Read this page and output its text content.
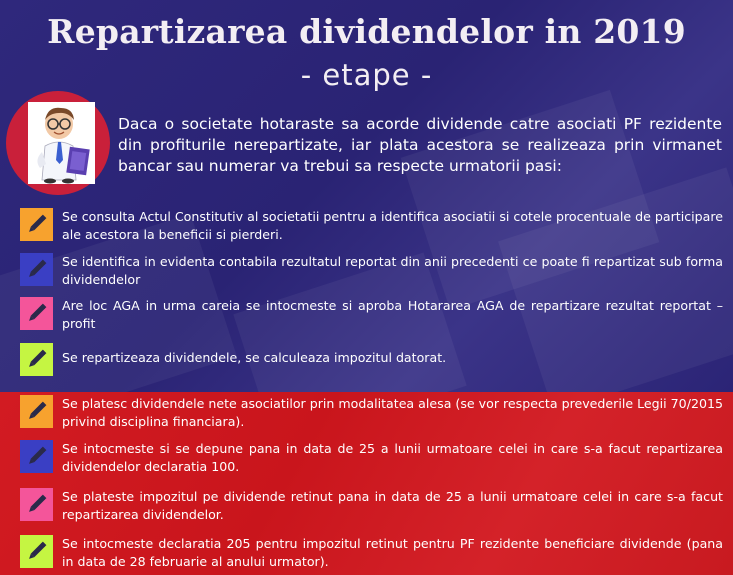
Repartizarea dividendelor in 2019
- etape -

Daca o societate hotaraste sa acorde dividende catre asociati PF rezidente din profiturile nerepartizate, iar plata acestora se realizeaza prin virmanet bancar sau numerar va trebui sa respecte urmatorii pasi:

Se consulta Actul Constitutiv al societatii pentru a identifica asociatii si cotele procentuale de participare ale acestora la beneficii si pierderi.

Se identifica in evidenta contabila rezultatul reportat din anii precedenti ce poate fi repartizat sub forma dividendelor

Are loc AGA in urma careia se intocmeste si aproba Hotararea AGA de repartizare rezultat reportat – profit

Se repartizeaza dividendele, se calculeaza impozitul datorat.

Se platesc dividendele nete asociatilor prin modalitatea alesa (se vor respecta prevederile Legii 70/2015 privind disciplina financiara).

Se intocmeste si se depune pana in data de 25 a lunii urmatoare celei in care s-a facut repartizarea dividendelor declaratia 100.

Se plateste impozitul pe dividende retinut pana in data de 25 a lunii urmatoare celei in care s-a facut repartizarea dividendelor.

Se intocmeste declaratia 205 pentru impozitul retinut pentru PF rezidente beneficiare dividende (pana in data de 28 februarie al anului urmator).
